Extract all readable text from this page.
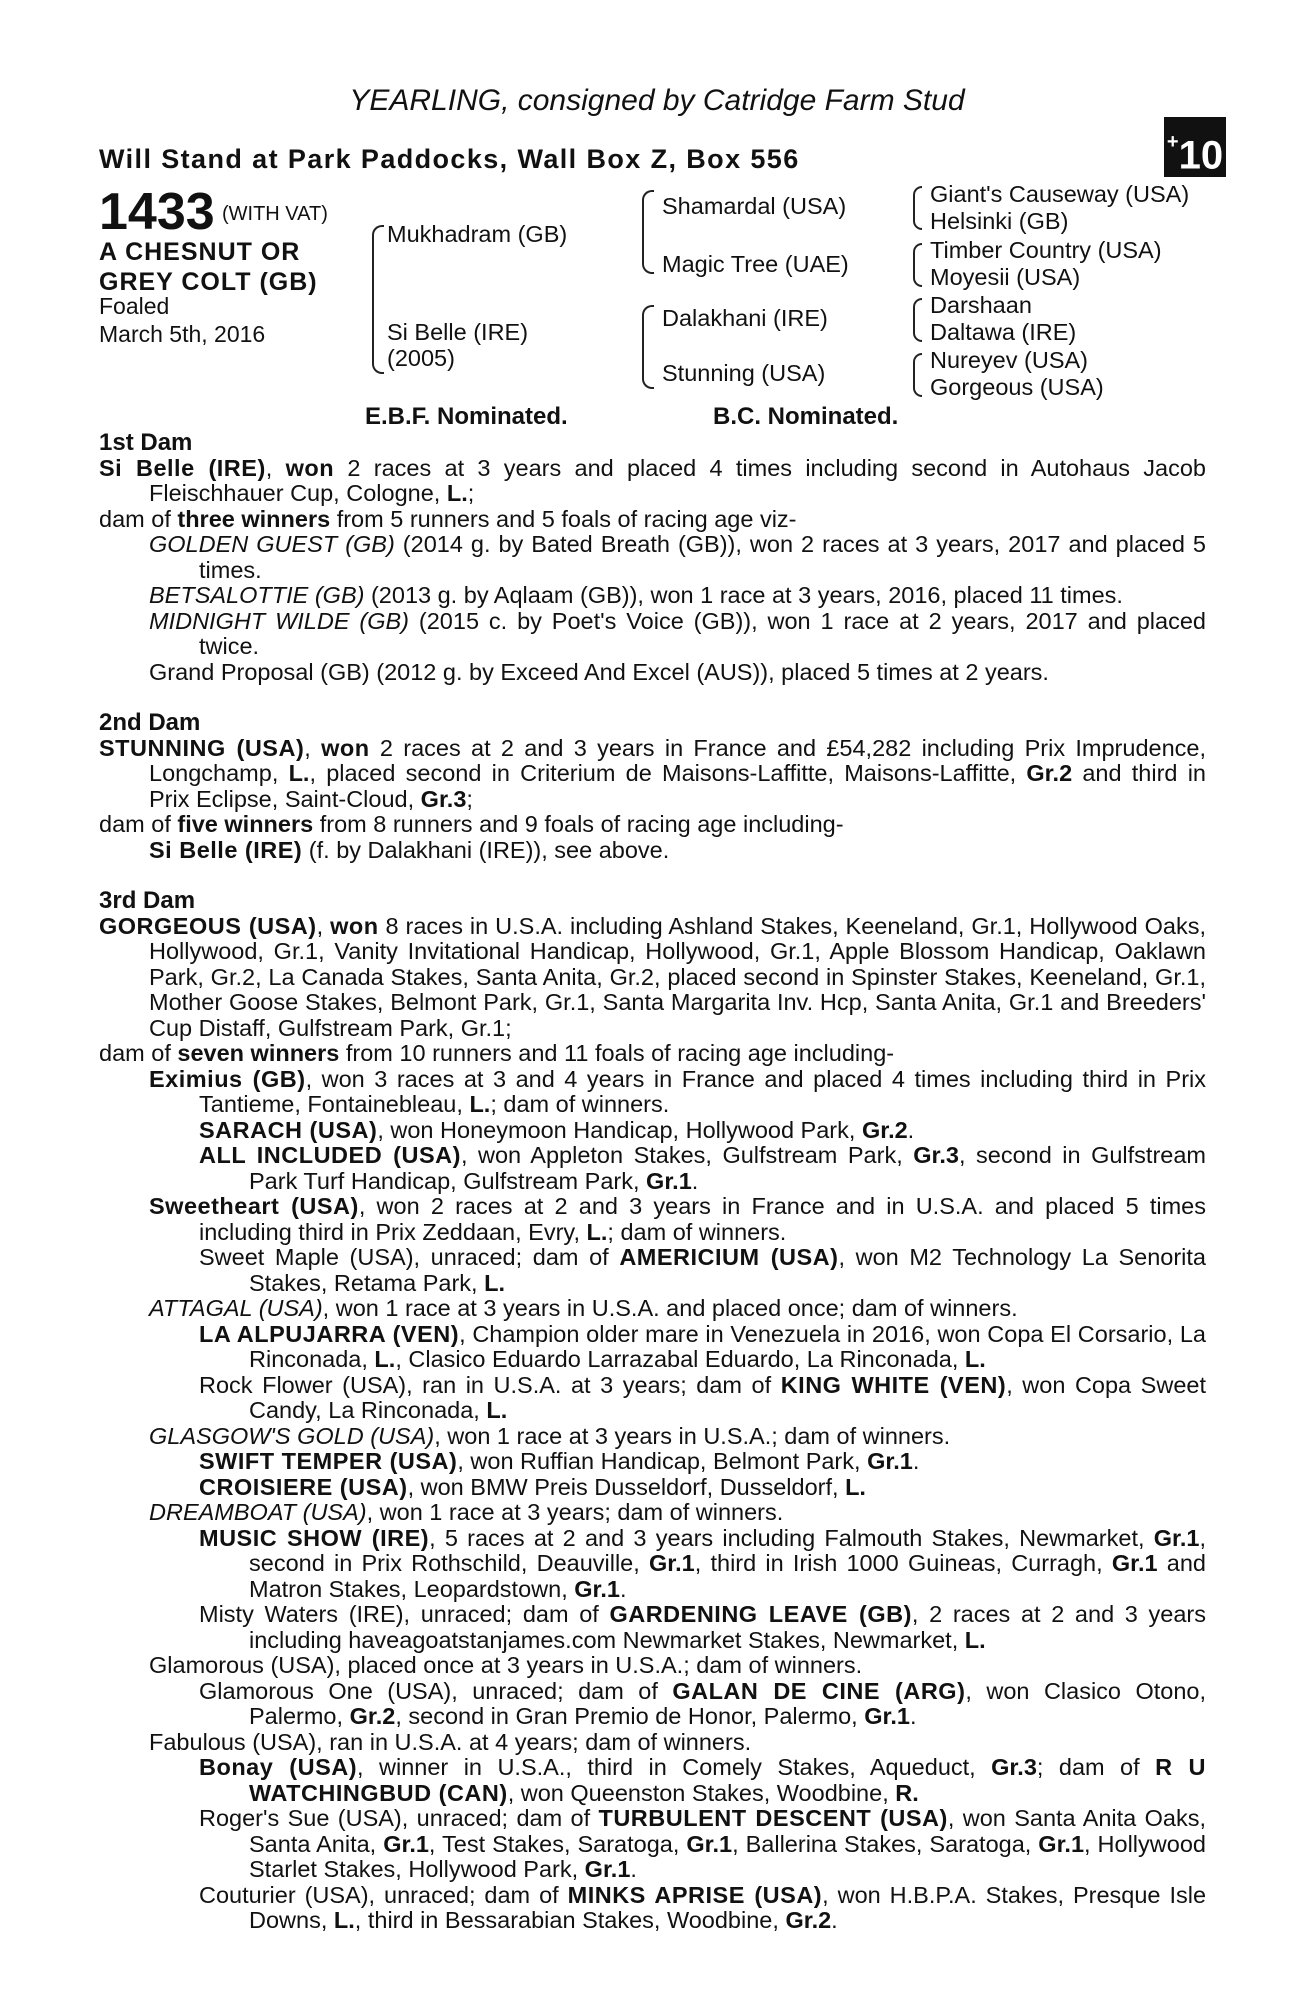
YEARLING, consigned by Catridge Farm Stud
Will Stand at Park Paddocks, Wall Box Z, Box 556
+10
1433 (WITH VAT)
A CHESNUT OR
GREY COLT (GB)
Foaled
March 5th, 2016
Mukhadram (GB)
Si Belle (IRE)
(2005)
Shamardal (USA)
Magic Tree (UAE)
Dalakhani (IRE)
Stunning (USA)
Giant's Causeway (USA)
Helsinki (GB)
Timber Country (USA)
Moyesii (USA)
Darshaan
Daltawa (IRE)
Nureyev (USA)
Gorgeous (USA)
E.B.F. Nominated.	B.C. Nominated.

1st Dam

Si Belle (IRE), won 2 races at 3 years and placed 4 times including second in Autohaus Jacob Fleischhauer Cup, Cologne, L.;

dam of three winners from 5 runners and 5 foals of racing age viz-

GOLDEN GUEST (GB) (2014 g. by Bated Breath (GB)), won 2 races at 3 years, 2017 and placed 5 times.

BETSALOTTIE (GB) (2013 g. by Aqlaam (GB)), won 1 race at 3 years, 2016, placed 11 times.

MIDNIGHT WILDE (GB) (2015 c. by Poet's Voice (GB)), won 1 race at 2 years, 2017 and placed twice.

Grand Proposal (GB) (2012 g. by Exceed And Excel (AUS)), placed 5 times at 2 years.

2nd Dam

STUNNING (USA), won 2 races at 2 and 3 years in France and £54,282 including Prix Imprudence, Longchamp, L., placed second in Criterium de Maisons-Laffitte, Maisons-Laffitte, Gr.2 and third in Prix Eclipse, Saint-Cloud, Gr.3;

dam of five winners from 8 runners and 9 foals of racing age including-

Si Belle (IRE) (f. by Dalakhani (IRE)), see above.

3rd Dam

GORGEOUS (USA), won 8 races in U.S.A. including Ashland Stakes, Keeneland, Gr.1, Hollywood Oaks, Hollywood, Gr.1, Vanity Invitational Handicap, Hollywood, Gr.1, Apple Blossom Handicap, Oaklawn Park, Gr.2, La Canada Stakes, Santa Anita, Gr.2, placed second in Spinster Stakes, Keeneland, Gr.1, Mother Goose Stakes, Belmont Park, Gr.1, Santa Margarita Inv. Hcp, Santa Anita, Gr.1 and Breeders' Cup Distaff, Gulfstream Park, Gr.1;

dam of seven winners from 10 runners and 11 foals of racing age including-

Eximius (GB), won 3 races at 3 and 4 years in France and placed 4 times including third in Prix Tantieme, Fontainebleau, L.; dam of winners.

SARACH (USA), won Honeymoon Handicap, Hollywood Park, Gr.2.

ALL INCLUDED (USA), won Appleton Stakes, Gulfstream Park, Gr.3, second in Gulfstream Park Turf Handicap, Gulfstream Park, Gr.1.

Sweetheart (USA), won 2 races at 2 and 3 years in France and in U.S.A. and placed 5 times including third in Prix Zeddaan, Evry, L.; dam of winners.

Sweet Maple (USA), unraced; dam of AMERICIUM (USA), won M2 Technology La Senorita Stakes, Retama Park, L.

ATTAGAL (USA), won 1 race at 3 years in U.S.A. and placed once; dam of winners.

LA ALPUJARRA (VEN), Champion older mare in Venezuela in 2016, won Copa El Corsario, La Rinconada, L., Clasico Eduardo Larrazabal Eduardo, La Rinconada, L.

Rock Flower (USA), ran in U.S.A. at 3 years; dam of KING WHITE (VEN), won Copa Sweet Candy, La Rinconada, L.

GLASGOW'S GOLD (USA), won 1 race at 3 years in U.S.A.; dam of winners.

SWIFT TEMPER (USA), won Ruffian Handicap, Belmont Park, Gr.1.

CROISIERE (USA), won BMW Preis Dusseldorf, Dusseldorf, L.

DREAMBOAT (USA), won 1 race at 3 years; dam of winners.

MUSIC SHOW (IRE), 5 races at 2 and 3 years including Falmouth Stakes, Newmarket, Gr.1, second in Prix Rothschild, Deauville, Gr.1, third in Irish 1000 Guineas, Curragh, Gr.1 and Matron Stakes, Leopardstown, Gr.1.

Misty Waters (IRE), unraced; dam of GARDENING LEAVE (GB), 2 races at 2 and 3 years including haveagoatstanjames.com Newmarket Stakes, Newmarket, L.

Glamorous (USA), placed once at 3 years in U.S.A.; dam of winners.

Glamorous One (USA), unraced; dam of GALAN DE CINE (ARG), won Clasico Otono, Palermo, Gr.2, second in Gran Premio de Honor, Palermo, Gr.1.

Fabulous (USA), ran in U.S.A. at 4 years; dam of winners.

Bonay (USA), winner in U.S.A., third in Comely Stakes, Aqueduct, Gr.3; dam of R U WATCHINGBUD (CAN), won Queenston Stakes, Woodbine, R.

Roger's Sue (USA), unraced; dam of TURBULENT DESCENT (USA), won Santa Anita Oaks, Santa Anita, Gr.1, Test Stakes, Saratoga, Gr.1, Ballerina Stakes, Saratoga, Gr.1, Hollywood Starlet Stakes, Hollywood Park, Gr.1.

Couturier (USA), unraced; dam of MINKS APRISE (USA), won H.B.P.A. Stakes, Presque Isle Downs, L., third in Bessarabian Stakes, Woodbine, Gr.2.
